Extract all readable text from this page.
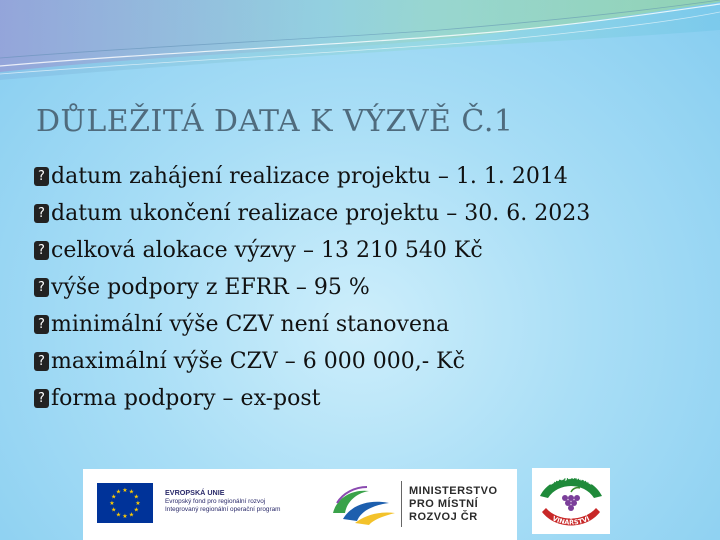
DŮLEŽITÁ DATA K VÝZVĚ Č.1
? datum zahájení realizace projektu – 1. 1. 2014
? datum ukončení realizace projektu – 30. 6. 2023
? celková alokace výzvy – 13 210 540 Kč
? výše podpory z EFRR – 95 %
? minimální výše CZV není stanovena
? maximální výše CZV – 6 000 000,- Kč
? forma podpory – ex-post
★ ★
★
★
★
★
★
★
★
★
★
★	EVROPSKÁ UNIE
Evropský fond pro regionální rozvoj
Integrovaný regionální operační program
MINISTERSTVO
PRO MÍSTNÍ
ROZVOJ ČR
ZNOJEMSKÉ
VINAŘSTVÍ
